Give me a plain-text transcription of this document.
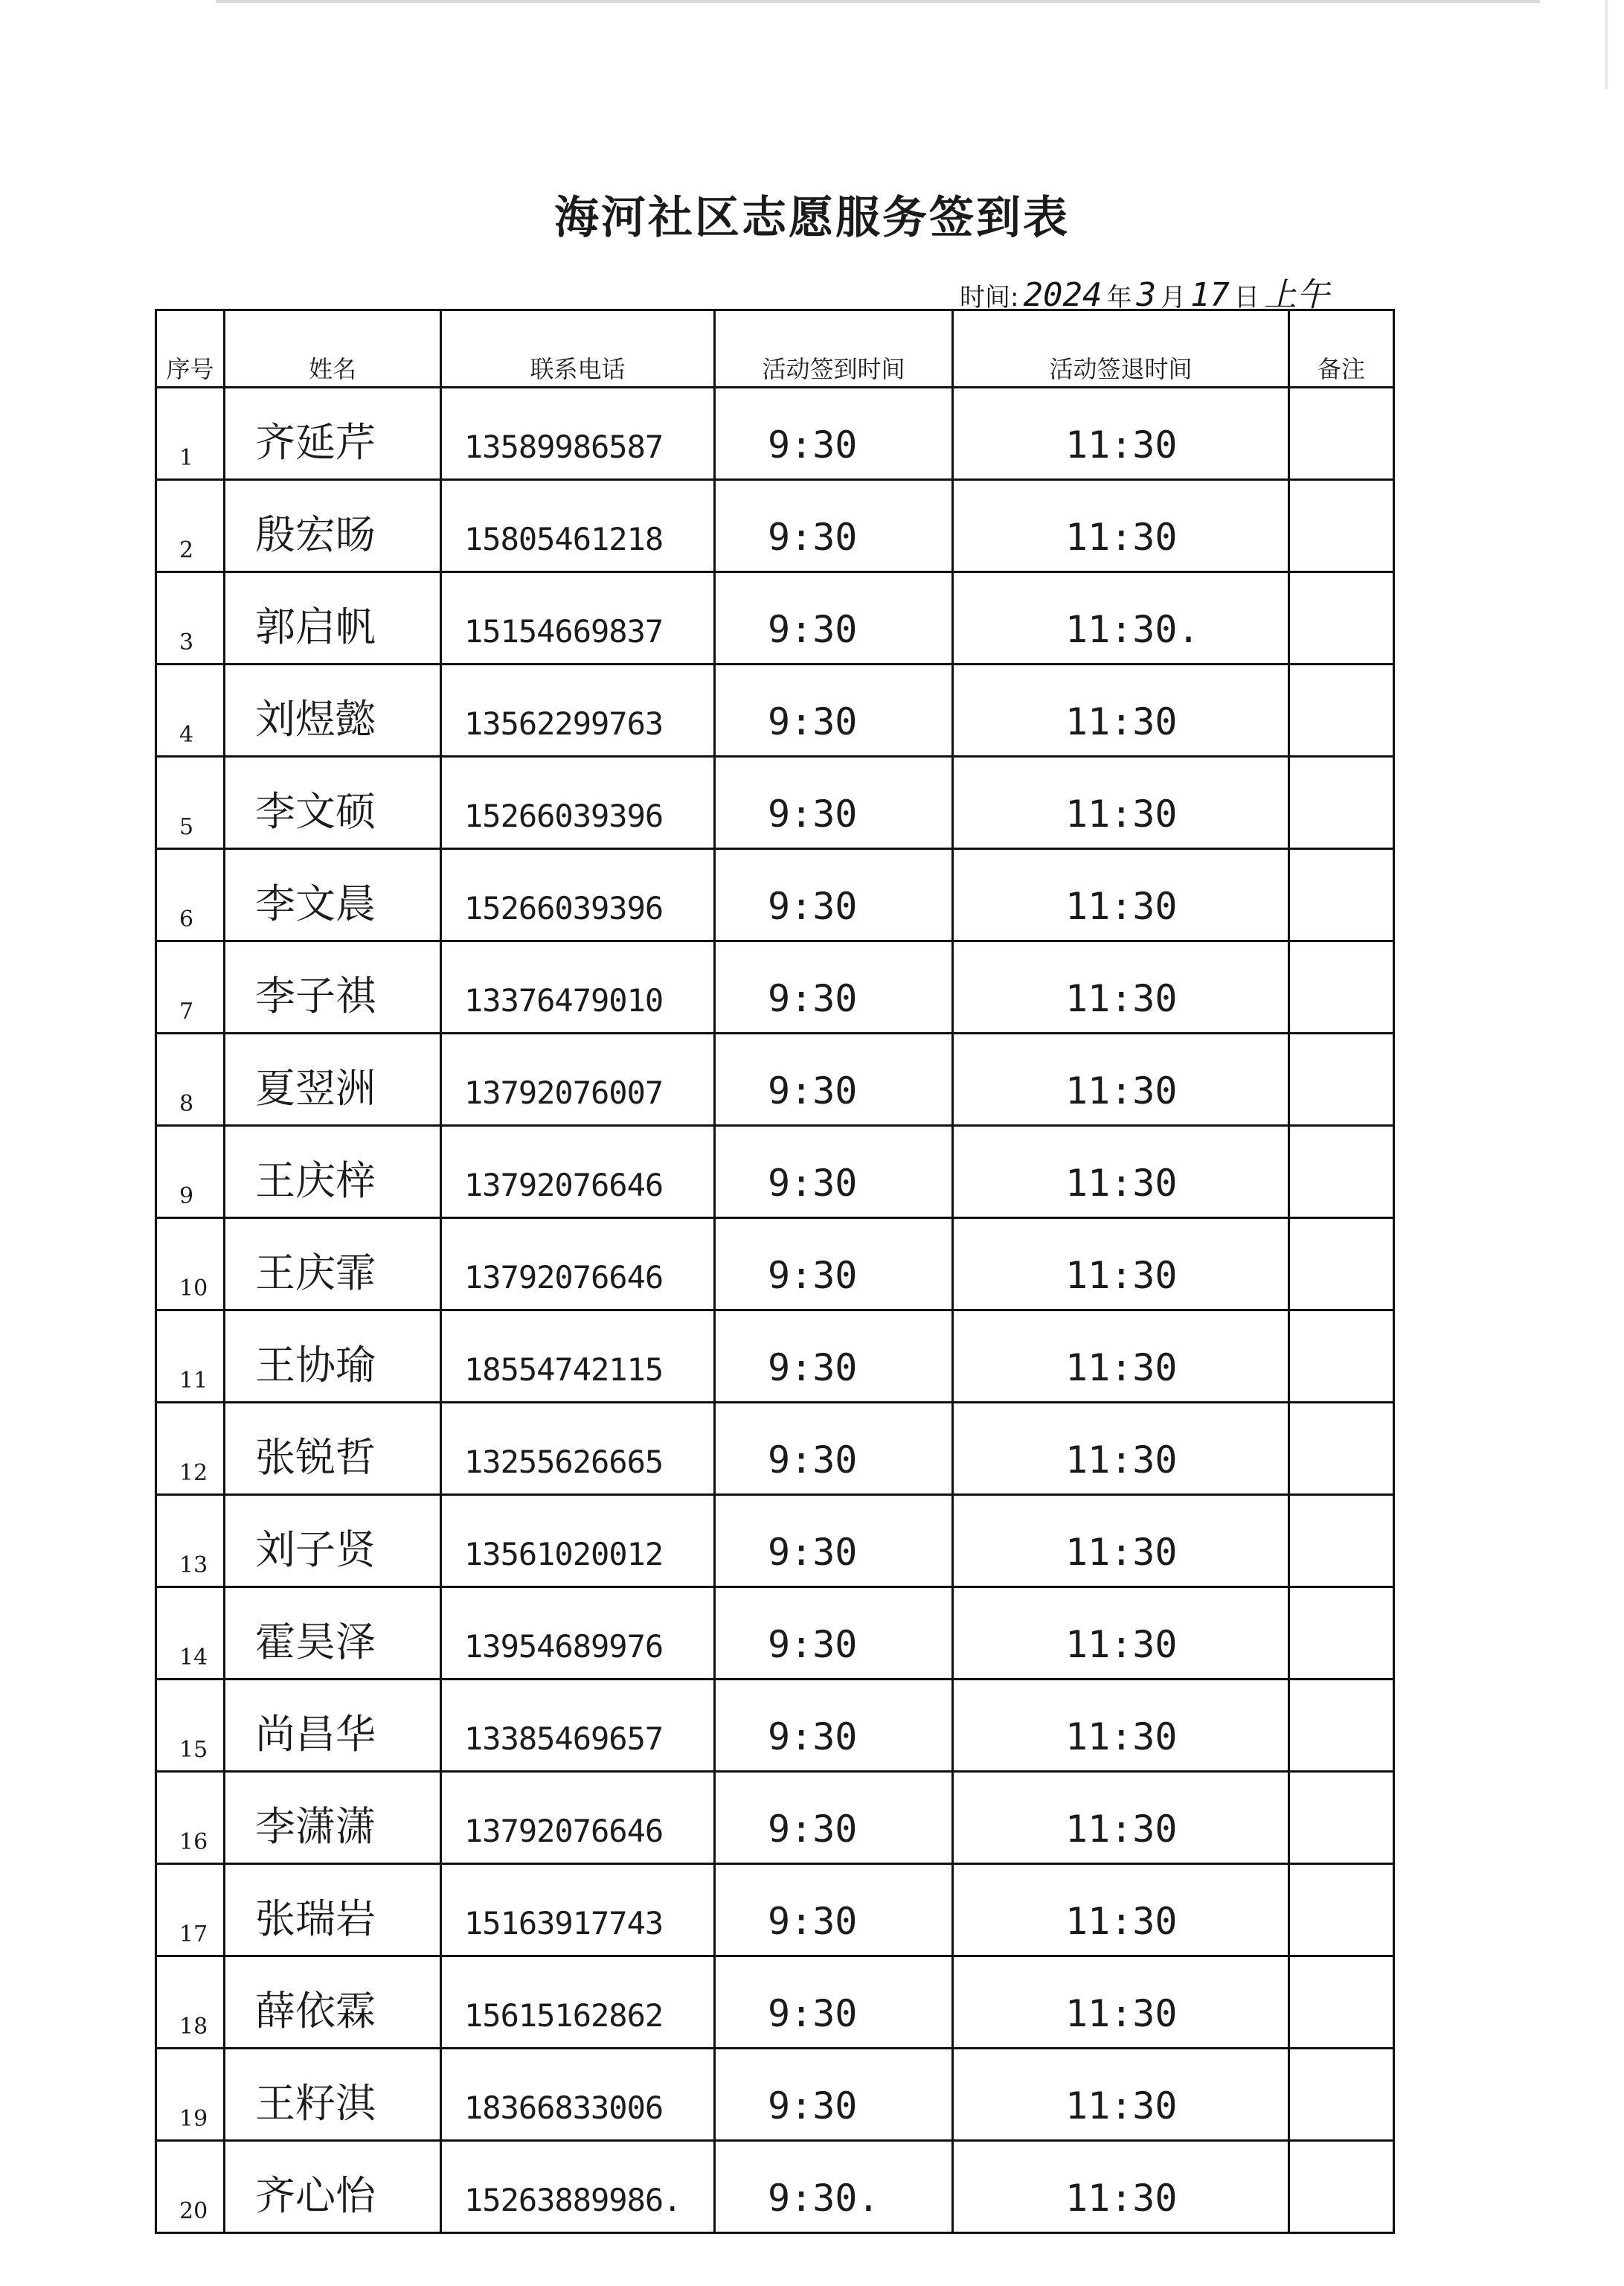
海河社区志愿服务签到表
时间: 2024 年 3 月 17 日 上午
序号	姓名	联系电话	活动签到时间	活动签退时间	备注
1	齐延芹	13589986587	9:30	11:30	
2	殷宏旸	15805461218	9:30	11:30	
3	郭启帆	15154669837	9:30	11:30.	
4	刘煜懿	13562299763	9:30	11:30	
5	李文硕	15266039396	9:30	11:30	
6	李文晨	15266039396	9:30	11:30	
7	李子祺	13376479010	9:30	11:30	
8	夏翌洲	13792076007	9:30	11:30	
9	王庆梓	13792076646	9:30	11:30	
10	王庆霏	13792076646	9:30	11:30	
11	王协瑜	18554742115	9:30	11:30	
12	张锐哲	13255626665	9:30	11:30	
13	刘子贤	13561020012	9:30	11:30	
14	霍昊泽	13954689976	9:30	11:30	
15	尚昌华	13385469657	9:30	11:30	
16	李潇潇	13792076646	9:30	11:30	
17	张瑞岩	15163917743	9:30	11:30	
18	薛依霖	15615162862	9:30	11:30	
19	王籽淇	18366833006	9:30	11:30	
20	齐心怡	15263889986.	9:30.	11:30	
